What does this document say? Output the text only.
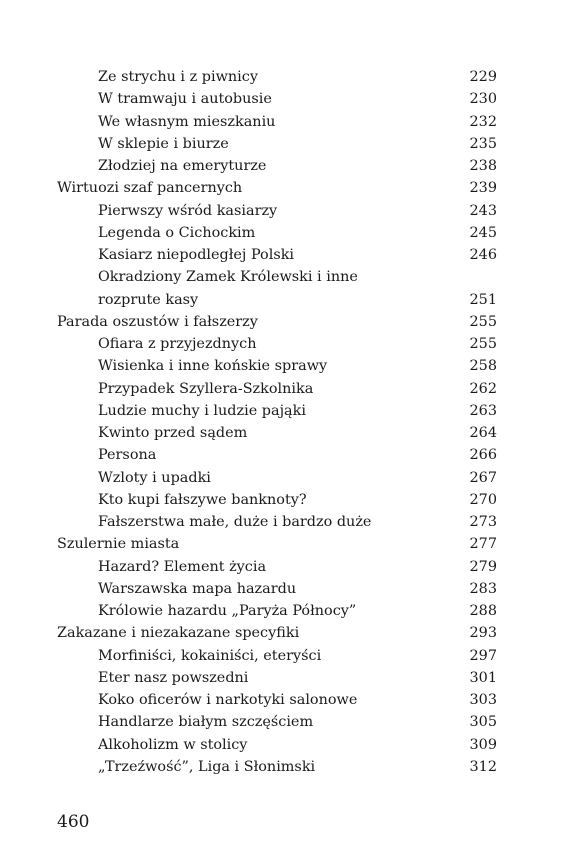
Ze strychu i z piwnicy	229
W tramwaju i autobusie	230
We własnym mieszkaniu	232
W sklepie i biurze	235
Złodziej na emeryturze	238
Wirtuozi szaf pancernych	239
Pierwszy wśród kasiarzy	243
Legenda o Cichockim	245
Kasiarz niepodległej Polski	246
Okradziony Zamek Królewski i inne
rozprute kasy	251
Parada oszustów i fałszerzy	255
Ofiara z przyjezdnych	255
Wisienka i inne końskie sprawy	258
Przypadek Szyllera-Szkolnika	262
Ludzie muchy i ludzie pająki	263
Kwinto przed sądem	264
Persona	266
Wzloty i upadki	267
Kto kupi fałszywe banknoty?	270
Fałszerstwa małe, duże i bardzo duże	273
Szulernie miasta	277
Hazard? Element życia	279
Warszawska mapa hazardu	283
Królowie hazardu „Paryża Północy”	288
Zakazane i niezakazane specyfiki	293
Morfiniści, kokainiści, eteryści	297
Eter nasz powszedni	301
Koko oficerów i narkotyki salonowe	303
Handlarze białym szczęściem	305
Alkoholizm w stolicy	309
„Trzeźwość”, Liga i Słonimski	312
460
